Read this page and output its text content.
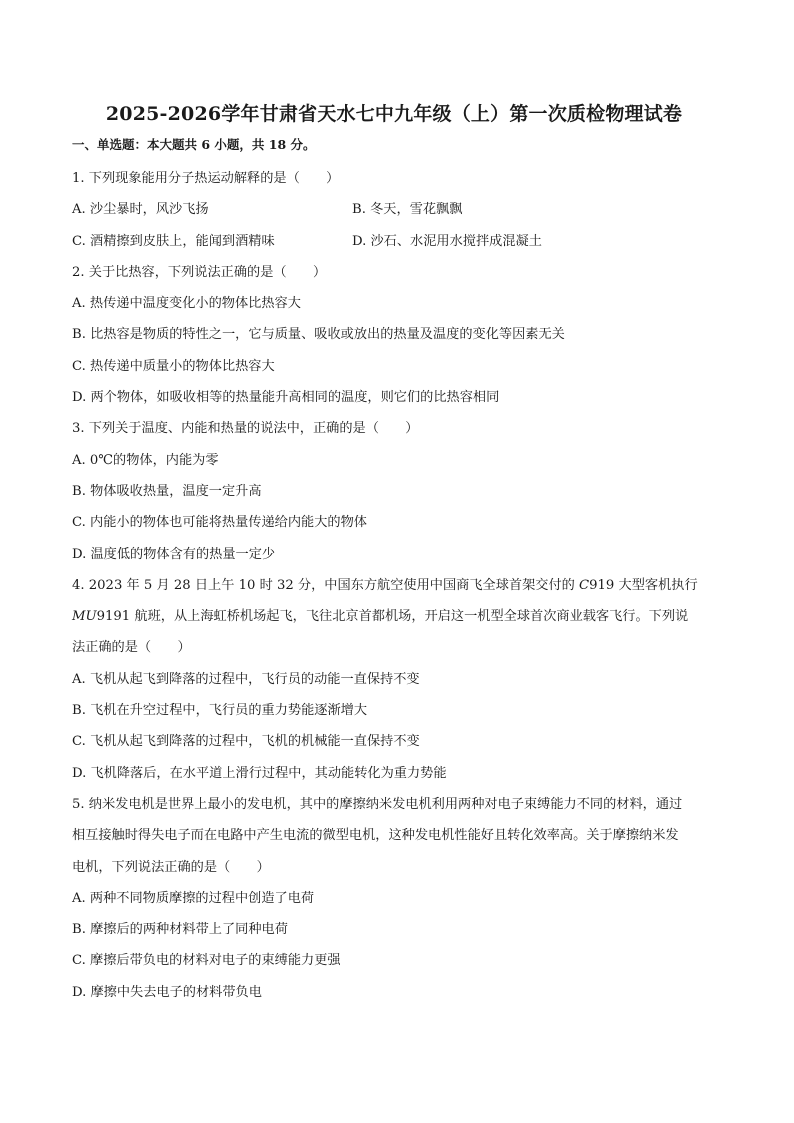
2025-2026学年甘肃省天水七中九年级（上）第一次质检物理试卷
一、单选题：本大题共 6 小题，共 18 分。
1. 下列现象能用分子热运动解释的是（　　）
A. 沙尘暴时，风沙飞扬	B. 冬天，雪花飘飘
C. 酒精擦到皮肤上，能闻到酒精味	D. 沙石、水泥用水搅拌成混凝土
2. 关于比热容，下列说法正确的是（　　）
A. 热传递中温度变化小的物体比热容大
B. 比热容是物质的特性之一，它与质量、吸收或放出的热量及温度的变化等因素无关
C. 热传递中质量小的物体比热容大
D. 两个物体，如吸收相等的热量能升高相同的温度，则它们的比热容相同
3. 下列关于温度、内能和热量的说法中，正确的是（　　）
A. 0℃的物体，内能为零
B. 物体吸收热量，温度一定升高
C. 内能小的物体也可能将热量传递给内能大的物体
D. 温度低的物体含有的热量一定少
4. 2023 年 5 月 28 日上午 10 时 32 分，中国东方航空使用中国商飞全球首架交付的 C919 大型客机执行
MU9191 航班，从上海虹桥机场起飞，飞往北京首都机场，开启这一机型全球首次商业载客飞行。下列说
法正确的是（　　）
A. 飞机从起飞到降落的过程中，飞行员的动能一直保持不变
B. 飞机在升空过程中，飞行员的重力势能逐渐增大
C. 飞机从起飞到降落的过程中，飞机的机械能一直保持不变
D. 飞机降落后，在水平道上滑行过程中，其动能转化为重力势能
5. 纳米发电机是世界上最小的发电机，其中的摩擦纳米发电机利用两种对电子束缚能力不同的材料，通过
相互接触时得失电子而在电路中产生电流的微型电机，这种发电机性能好且转化效率高。关于摩擦纳米发
电机，下列说法正确的是（　　）
A. 两种不同物质摩擦的过程中创造了电荷
B. 摩擦后的两种材料带上了同种电荷
C. 摩擦后带负电的材料对电子的束缚能力更强
D. 摩擦中失去电子的材料带负电
